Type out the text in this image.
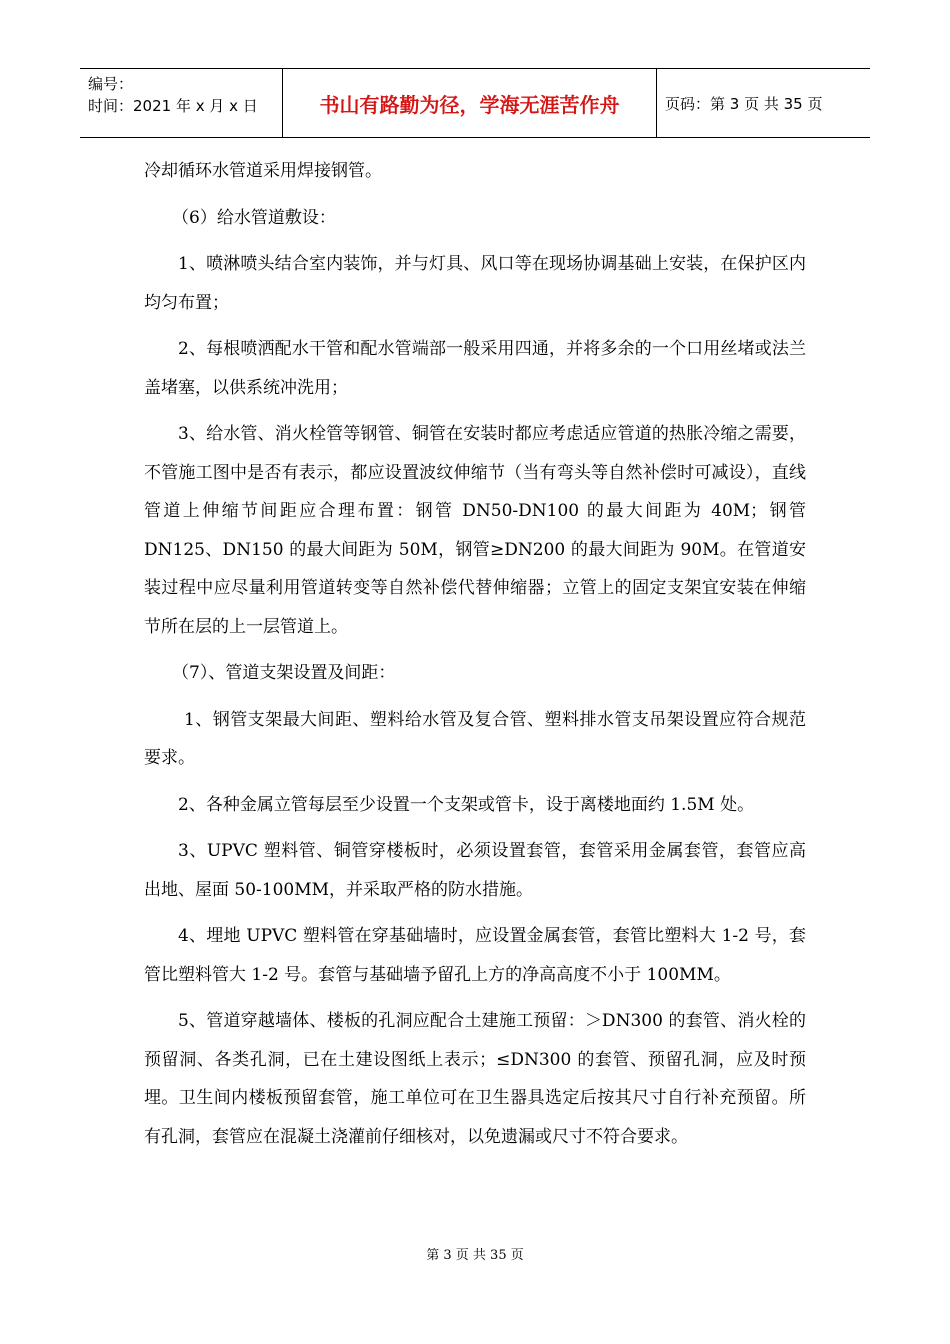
编号：
时间：2021 年 x 月 x 日	书山有路勤为径，学海无涯苦作舟	页码：第 3 页 共 35 页

冷却循环水管道采用焊接钢管。

（6）给水管道敷设：

1、喷淋喷头结合室内装饰，并与灯具、风口等在现场协调基础上安装，在保护区内均匀布置；

2、每根喷洒配水干管和配水管端部一般采用四通，并将多余的一个口用丝堵或法兰盖堵塞，以供系统冲洗用；

3、给水管、消火栓管等钢管、铜管在安装时都应考虑适应管道的热胀冷缩之需要，不管施工图中是否有表示，都应设置波纹伸缩节（当有弯头等自然补偿时可减设），直线管道上伸缩节间距应合理布置：钢管 DN50-DN100 的最大间距为 40M；钢管 DN125、DN150 的最大间距为 50M，钢管≥DN200 的最大间距为 90M。在管道安装过程中应尽量利用管道转变等自然补偿代替伸缩器；立管上的固定支架宜安装在伸缩节所在层的上一层管道上。

（7）、管道支架设置及间距：

1、钢管支架最大间距、塑料给水管及复合管、塑料排水管支吊架设置应符合规范要求。

2、各种金属立管每层至少设置一个支架或管卡，设于离楼地面约 1.5M 处。

3、UPVC 塑料管、铜管穿楼板时，必须设置套管，套管采用金属套管，套管应高出地、屋面 50-100MM，并采取严格的防水措施。

4、埋地 UPVC 塑料管在穿基础墙时，应设置金属套管，套管比塑料大 1-2 号，套管比塑料管大 1-2 号。套管与基础墙予留孔上方的净高高度不小于 100MM。

5、管道穿越墙体、楼板的孔洞应配合土建施工预留：＞DN300 的套管、消火栓的预留洞、各类孔洞，已在土建设图纸上表示；≤DN300 的套管、预留孔洞，应及时预埋。卫生间内楼板预留套管，施工单位可在卫生器具选定后按其尺寸自行补充预留。所有孔洞，套管应在混凝土浇灌前仔细核对，以免遗漏或尺寸不符合要求。

第 3 页 共 35 页
